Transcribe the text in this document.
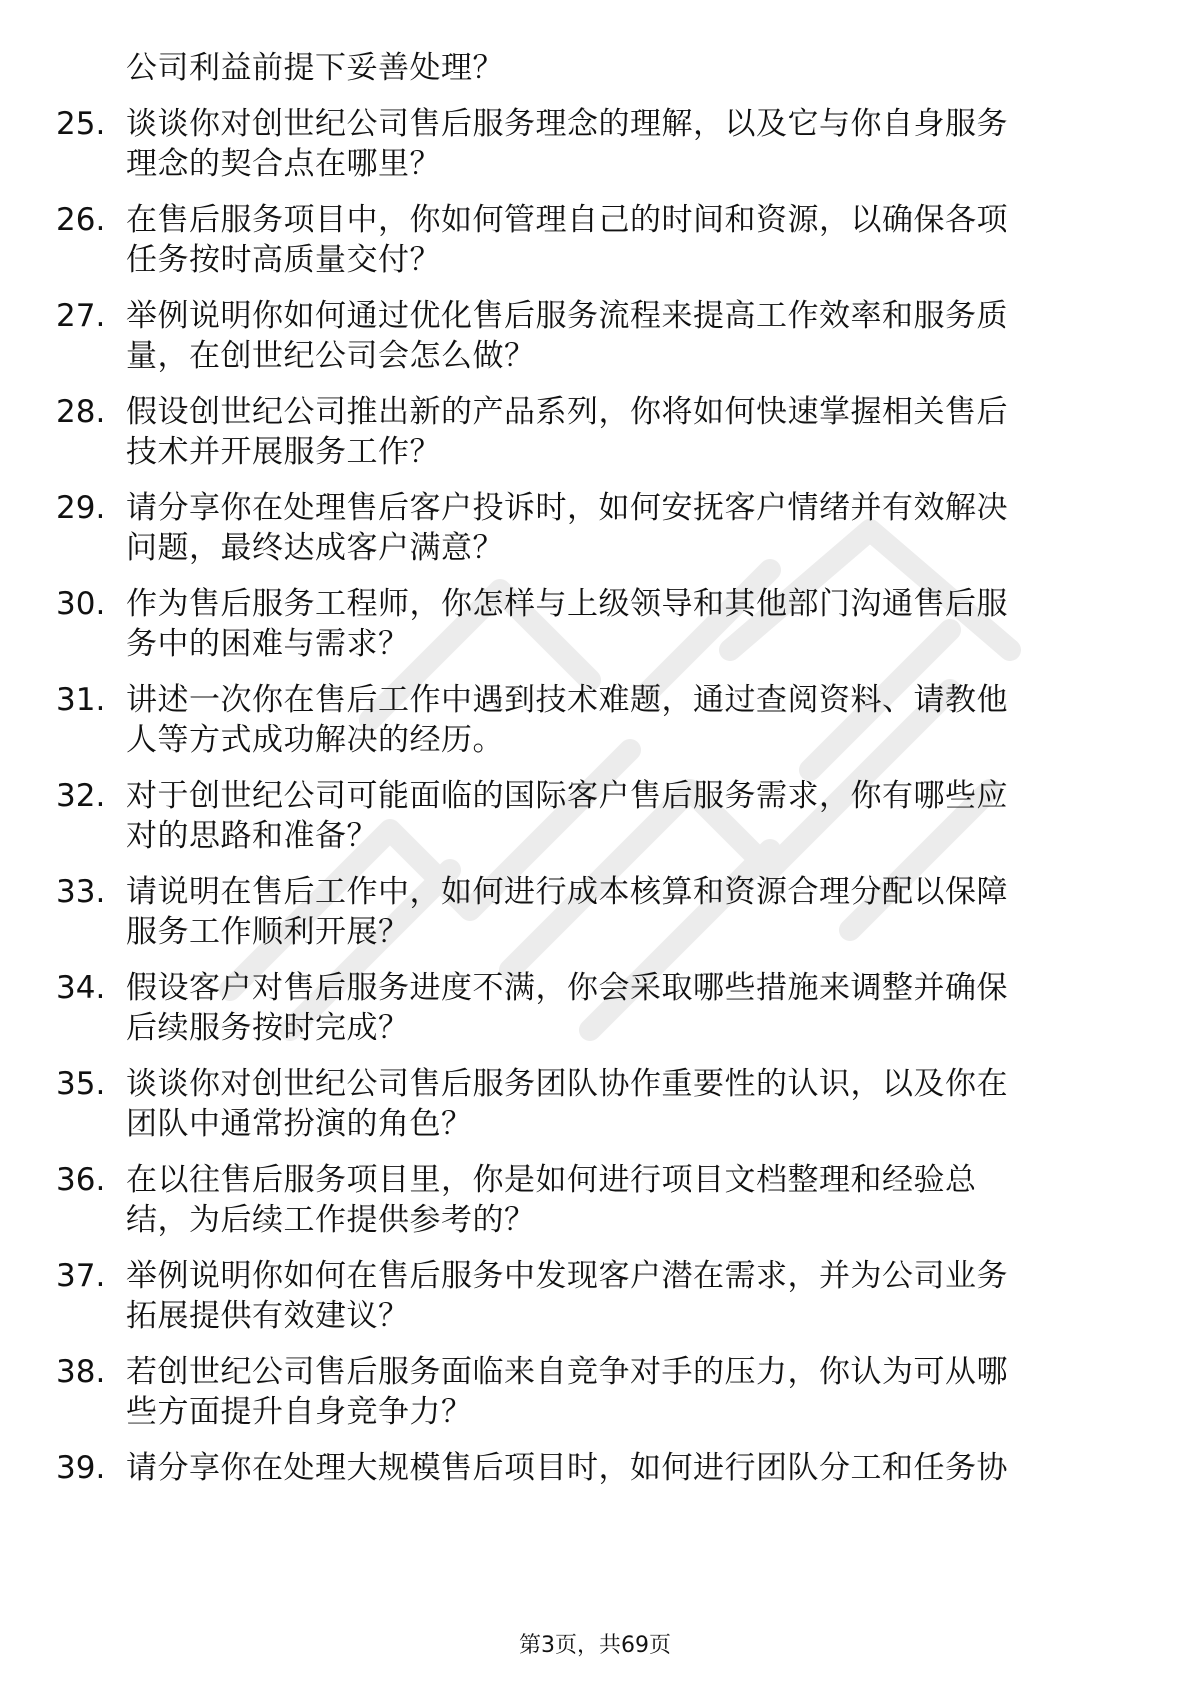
公司利益前提下妥善处理？
25. 谈谈你对创世纪公司售后服务理念的理解，以及它与你自身服务
理念的契合点在哪里？
26. 在售后服务项目中，你如何管理自己的时间和资源，以确保各项
任务按时高质量交付？
27. 举例说明你如何通过优化售后服务流程来提高工作效率和服务质
量，在创世纪公司会怎么做？
28. 假设创世纪公司推出新的产品系列，你将如何快速掌握相关售后
技术并开展服务工作？
29. 请分享你在处理售后客户投诉时，如何安抚客户情绪并有效解决
问题，最终达成客户满意？
30. 作为售后服务工程师，你怎样与上级领导和其他部门沟通售后服
务中的困难与需求？
31. 讲述一次你在售后工作中遇到技术难题，通过查阅资料、请教他
人等方式成功解决的经历。
32. 对于创世纪公司可能面临的国际客户售后服务需求，你有哪些应
对的思路和准备？
33. 请说明在售后工作中，如何进行成本核算和资源合理分配以保障
服务工作顺利开展？
34. 假设客户对售后服务进度不满，你会采取哪些措施来调整并确保
后续服务按时完成？
35. 谈谈你对创世纪公司售后服务团队协作重要性的认识，以及你在
团队中通常扮演的角色？
36. 在以往售后服务项目里，你是如何进行项目文档整理和经验总
结，为后续工作提供参考的？
37. 举例说明你如何在售后服务中发现客户潜在需求，并为公司业务
拓展提供有效建议？
38. 若创世纪公司售后服务面临来自竞争对手的压力，你认为可从哪
些方面提升自身竞争力？
39. 请分享你在处理大规模售后项目时，如何进行团队分工和任务协
第3页，共69页
